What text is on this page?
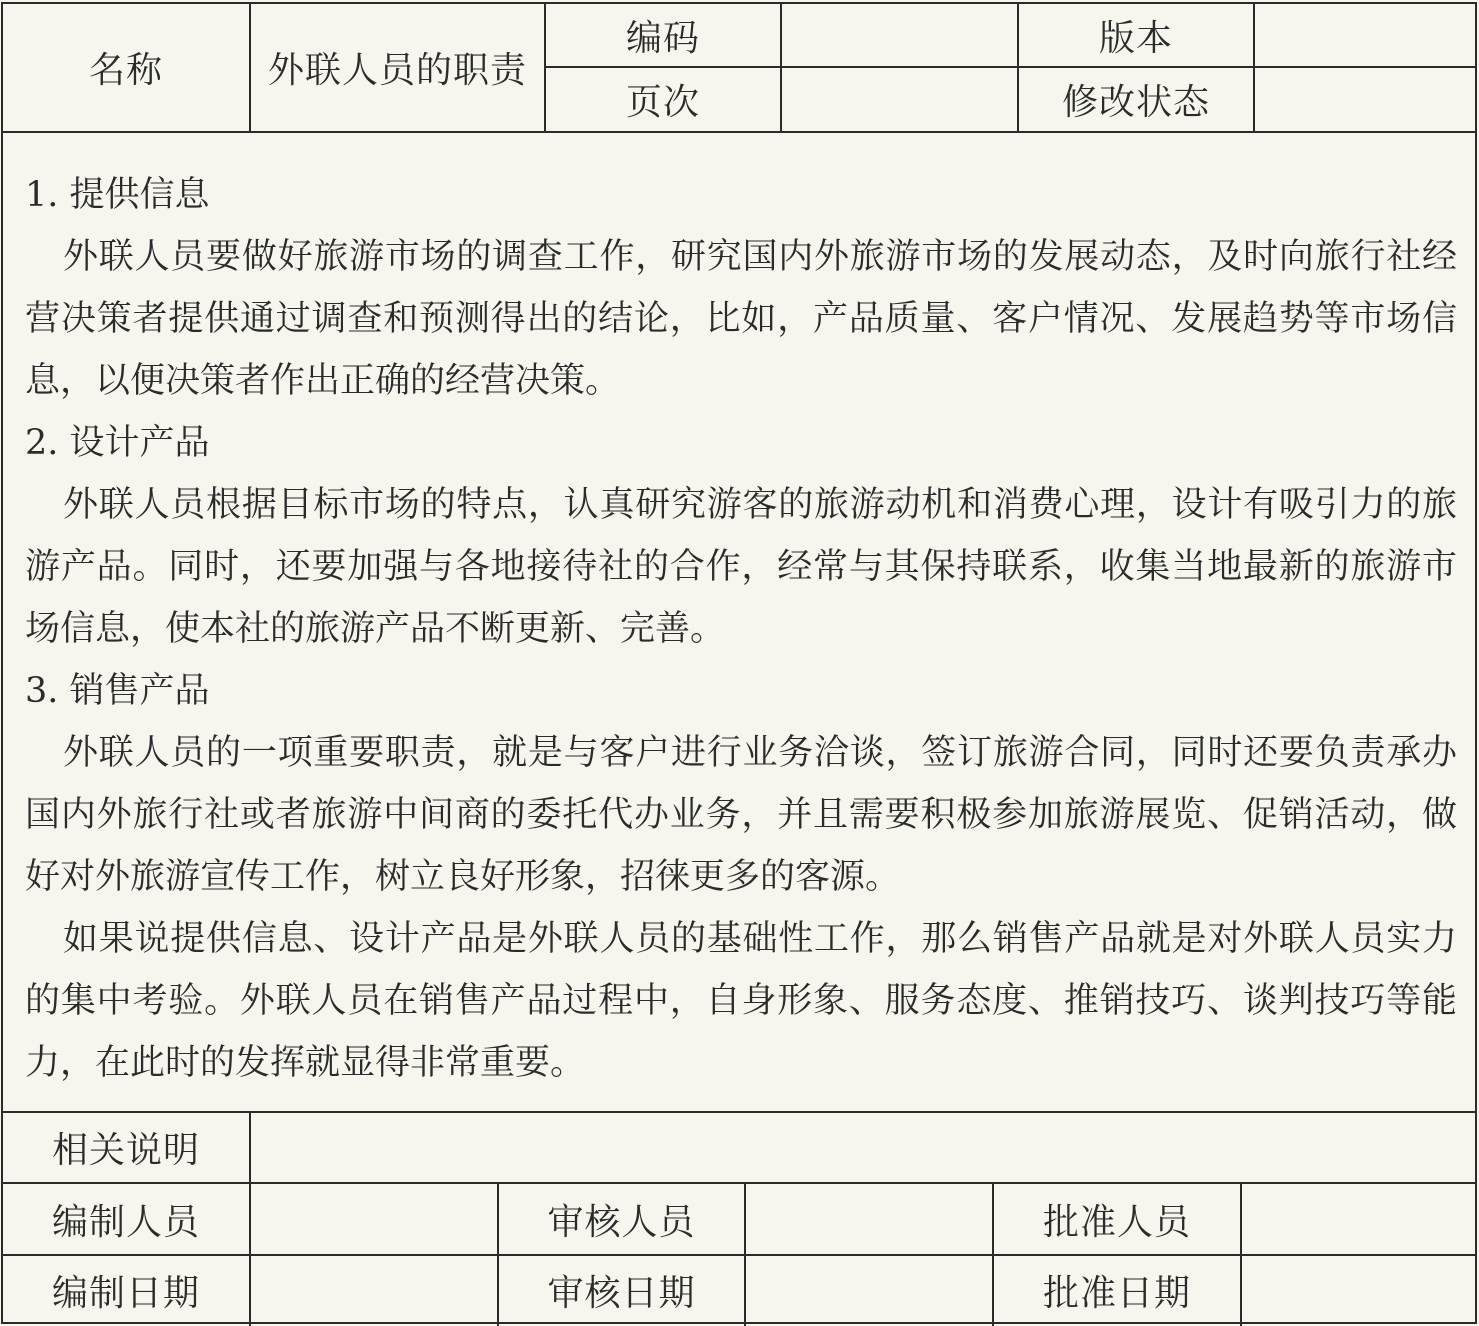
名称	外联人员的职责
编码	版本
页次	修改状态

1. 提供信息

外联人员要做好旅游市场的调查工作，研究国内外旅游市场的发展动态，及时向旅行社经营决策者提供通过调查和预测得出的结论，比如，产品质量、客户情况、发展趋势等市场信息，以便决策者作出正确的经营决策。

2. 设计产品

外联人员根据目标市场的特点，认真研究游客的旅游动机和消费心理，设计有吸引力的旅游产品。同时，还要加强与各地接待社的合作，经常与其保持联系，收集当地最新的旅游市场信息，使本社的旅游产品不断更新、完善。

3. 销售产品

外联人员的一项重要职责，就是与客户进行业务洽谈，签订旅游合同，同时还要负责承办国内外旅行社或者旅游中间商的委托代办业务，并且需要积极参加旅游展览、促销活动，做好对外旅游宣传工作，树立良好形象，招徕更多的客源。

如果说提供信息、设计产品是外联人员的基础性工作，那么销售产品就是对外联人员实力的集中考验。外联人员在销售产品过程中，自身形象、服务态度、推销技巧、谈判技巧等能力，在此时的发挥就显得非常重要。

相关说明
编制人员	审核人员	批准人员
编制日期	审核日期	批准日期
